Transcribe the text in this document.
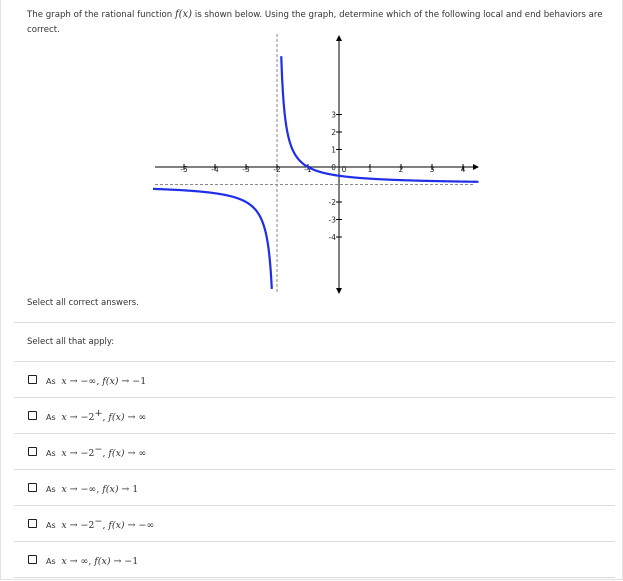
The graph of the rational function f(x) is shown below. Using the graph, determine which of the following local and end behaviors are correct.
-5	-4	-3	-2	-1	0	1	2	3	4
3
2
1
0
-2
-3
-4
Select all correct answers.
Select all that apply:
As x → −∞, f(x) → −1
As x → −2+, f(x) → ∞
As x → −2−, f(x) → ∞
As x → −∞, f(x) → 1
As x → −2−, f(x) → −∞
As x → ∞, f(x) → −1
